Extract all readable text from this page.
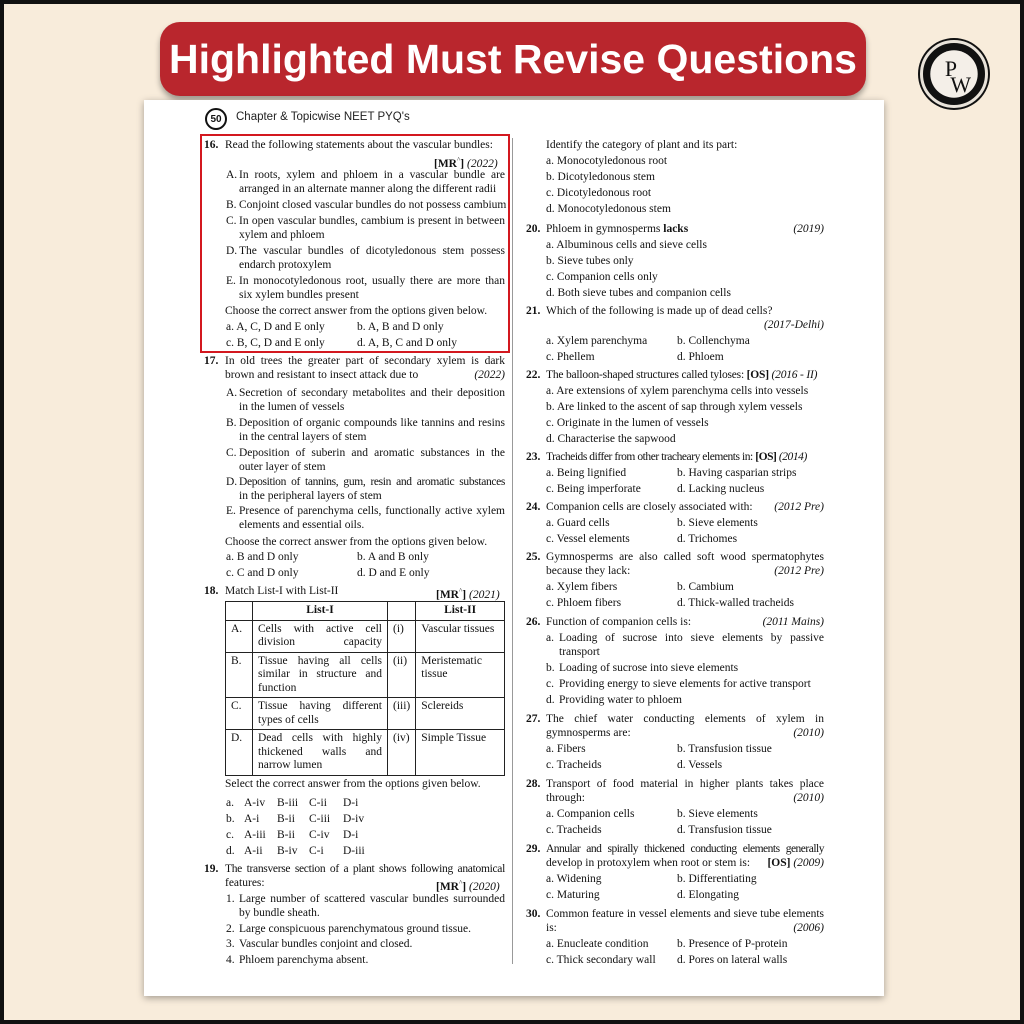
Highlighted Must Revise Questions	P
W
50	Chapter & Topicwise NEET PYQ's
16. Read the following statements about the vascular bundles:
[MR^] (2022)
A. In roots, xylem and phloem in a vascular bundle are
arranged in an alternate manner along the different radii
B. Conjoint closed vascular bundles do not possess cambium
C. In open vascular bundles, cambium is present in between
xylem and phloem
D. The vascular bundles of dicotyledonous stem possess
endarch protoxylem
E. In monocotyledonous root, usually there are more than
six xylem bundles present
Choose the correct answer from the options given below.
a. A, C, D and E only	b. A, B and D only
c. B, C, D and E only	d. A, B, C and D only
17. In old trees the greater part of secondary xylem is dark
brown and resistant to insect attack due to	(2022)
A. Secretion of secondary metabolites and their deposition
in the lumen of vessels
B. Deposition of organic compounds like tannins and resins
in the central layers of stem
C. Deposition of suberin and aromatic substances in the
outer layer of stem
D. Deposition of tannins, gum, resin and aromatic substances
in the peripheral layers of stem
E. Presence of parenchyma cells, functionally active xylem
elements and essential oils.
Choose the correct answer from the options given below.
a. B and D only	b. A and B only
c. C and D only	d. D and E only
18. Match List-I with List-II	[MR^] (2021)
	List-I		List-II
A.	Cells with active cell division capacity	(i)	Vascular tissues
B.	Tissue having all cells similar in structure and function	(ii)	Meristematic tissue
C.	Tissue having different types of cells	(iii)	Sclereids
D.	Dead cells with highly thickened walls and narrow lumen	(iv)	Simple Tissue
Select the correct answer from the options given below.
a. A-iv B-iii C-ii D-i
b. A-i B-ii C-iii D-iv
c. A-iii B-ii C-iv D-i
d. A-ii B-iv C-i D-iii
19. The transverse section of a plant shows following anatomical
features:	[MR^] (2020)
1. Large number of scattered vascular bundles surrounded
by bundle sheath.
2. Large conspicuous parenchymatous ground tissue.
3. Vascular bundles conjoint and closed.
4. Phloem parenchyma absent.
Identify the category of plant and its part:
a. Monocotyledonous root
b. Dicotyledonous stem
c. Dicotyledonous root
d. Monocotyledonous stem
20. Phloem in gymnosperms lacks	(2019)
a. Albuminous cells and sieve cells
b. Sieve tubes only
c. Companion cells only
d. Both sieve tubes and companion cells
21. Which of the following is made up of dead cells?
(2017-Delhi)
a. Xylem parenchyma	b. Collenchyma
c. Phellem	d. Phloem
22. The balloon-shaped structures called tyloses: [OS] (2016 - II)
a. Are extensions of xylem parenchyma cells into vessels
b. Are linked to the ascent of sap through xylem vessels
c. Originate in the lumen of vessels
d. Characterise the sapwood
23. Tracheids differ from other tracheary elements in: [OS] (2014)
a. Being lignified	b. Having casparian strips
c. Being imperforate	d. Lacking nucleus
24. Companion cells are closely associated with:	(2012 Pre)
a. Guard cells	b. Sieve elements
c. Vessel elements	d. Trichomes
25. Gymnosperms are also called soft wood spermatophytes
because they lack:	(2012 Pre)
a. Xylem fibers	b. Cambium
c. Phloem fibers	d. Thick-walled tracheids
26. Function of companion cells is:	(2011 Mains)
a. Loading of sucrose into sieve elements by passive
transport
b. Loading of sucrose into sieve elements
c. Providing energy to sieve elements for active transport
d. Providing water to phloem
27. The chief water conducting elements of xylem in
gymnosperms are:	(2010)
a. Fibers	b. Transfusion tissue
c. Tracheids	d. Vessels
28. Transport of food material in higher plants takes place
through:	(2010)
a. Companion cells	b. Sieve elements
c. Tracheids	d. Transfusion tissue
29. Annular and spirally thickened conducting elements generally
develop in protoxylem when root or stem is:	[OS] (2009)
a. Widening	b. Differentiating
c. Maturing	d. Elongating
30. Common feature in vessel elements and sieve tube elements
is:	(2006)
a. Enucleate condition b. Presence of P-protein
c. Thick secondary wall d. Pores on lateral walls
